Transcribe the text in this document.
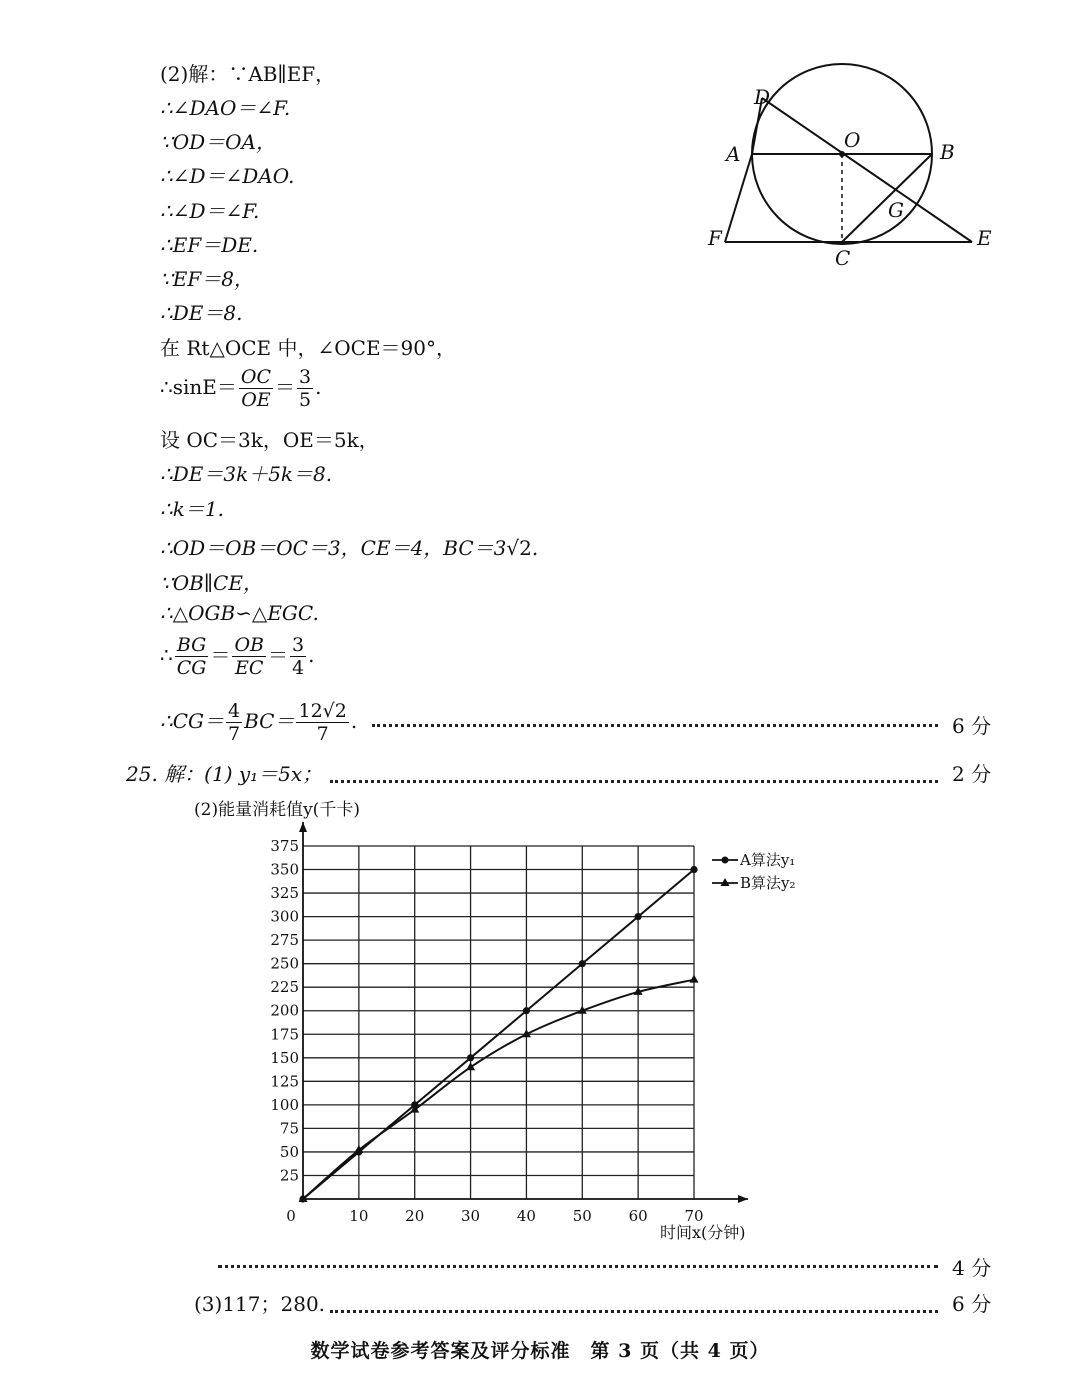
(2)解：∵AB∥EF，
∴∠DAO＝∠F.
∵OD＝OA，
∴∠D＝∠DAO.
∴∠D＝∠F.
∴EF＝DE.
∵EF＝8，
∴DE＝8.
在 Rt△OCE 中，∠OCE＝90°，
∴sinE＝ $\frac{OC}{OE} = \frac{3}{5}$ .
设 OC＝3k，OE＝5k，
∴DE＝3k＋5k＝8.
∴k＝1.
∴OD＝OB＝OC＝3，CE＝4，BC＝3√2.
∵OB∥CE，
∴△OGB∽△EGC.
∴ $\frac{BG}{CG} = \frac{OB}{EC} = \frac{3}{4}$ .
∴CG＝ $\frac{4}{7} BC= \frac{12√2}{7}$ .	6 分
D
O
A	B
G
F
C
E
25. 解：(1) y₁＝5x；	2 分
(2)能量消耗值y(千卡)
0	10 20 30 40 50 60 70
25
50
75
100
125
150
175
200
225
250
275
300
325
350
375
A算法y₁
B算法y₂
时间x(分钟)
4 分
(3)117；280.	6 分
数学试卷参考答案及评分标准　第 3 页（共 4 页）
